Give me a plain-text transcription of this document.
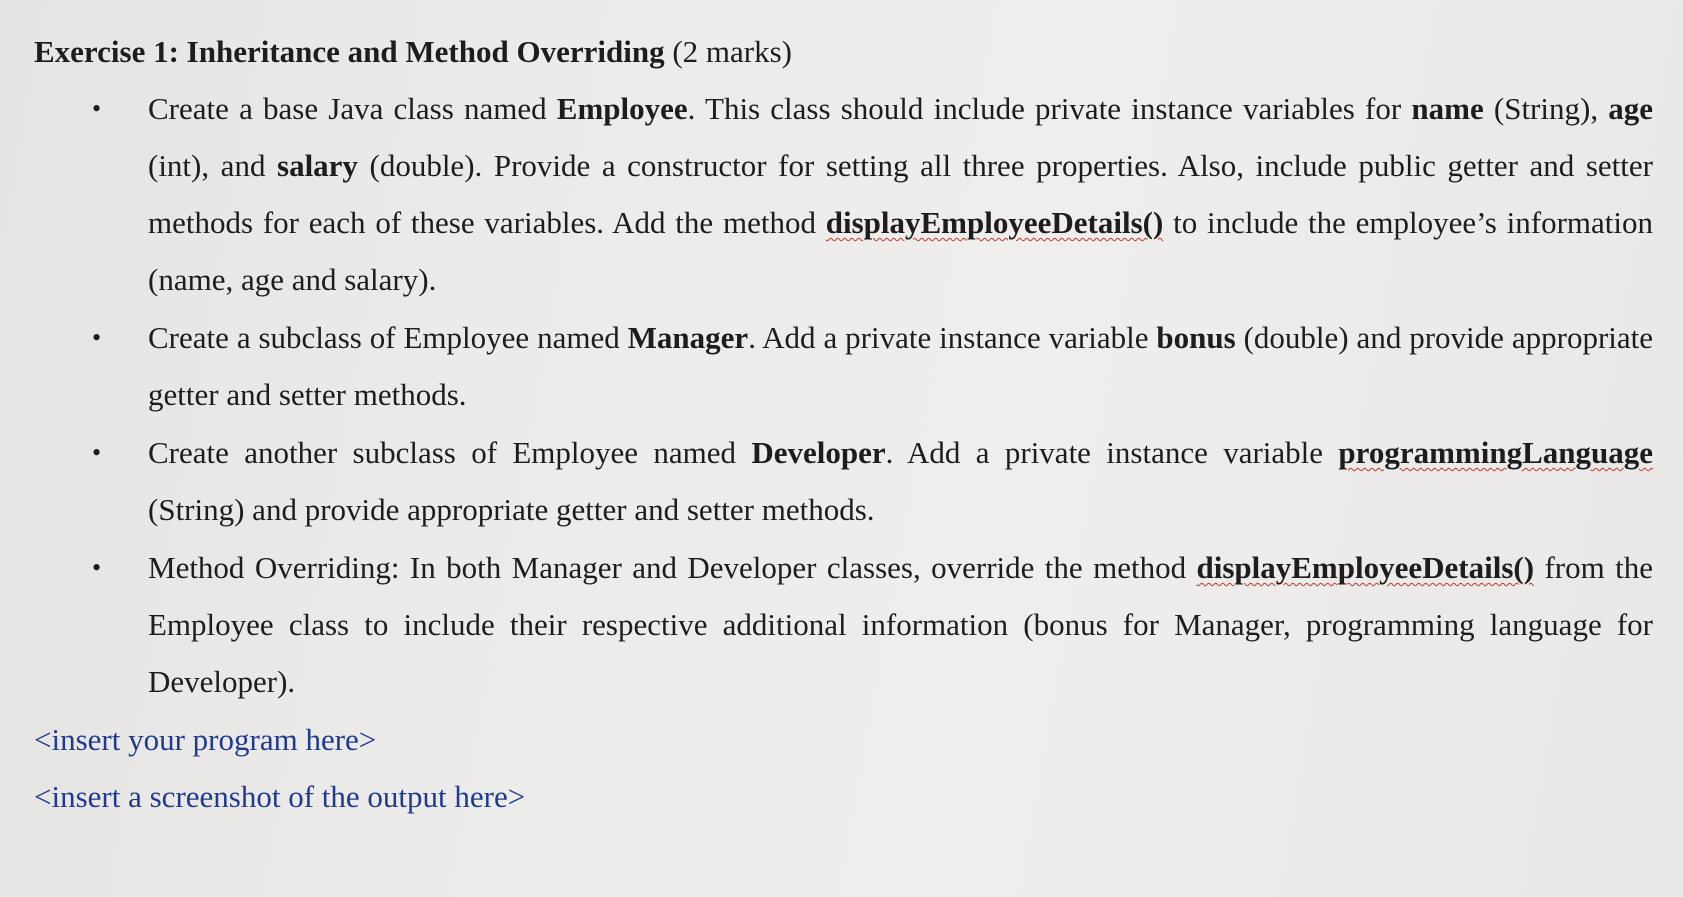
Exercise 1: Inheritance and Method Overriding (2 marks)
• Create a base Java class named Employee. This class should include private instance variables for name (String), age (int), and salary (double). Provide a constructor for setting all three properties. Also, include public getter and setter methods for each of these variables. Add the method displayEmployeeDetails() to include the employee’s information (name, age and salary).

• Create a subclass of Employee named Manager. Add a private instance variable bonus (double) and provide appropriate getter and setter methods.

• Create another subclass of Employee named Developer. Add a private instance variable programmingLanguage (String) and provide appropriate getter and setter methods.

• Method Overriding: In both Manager and Developer classes, override the method displayEmployeeDetails() from the Employee class to include their respective additional information (bonus for Manager, programming language for Developer).

<insert your program here>

<insert a screenshot of the output here>
